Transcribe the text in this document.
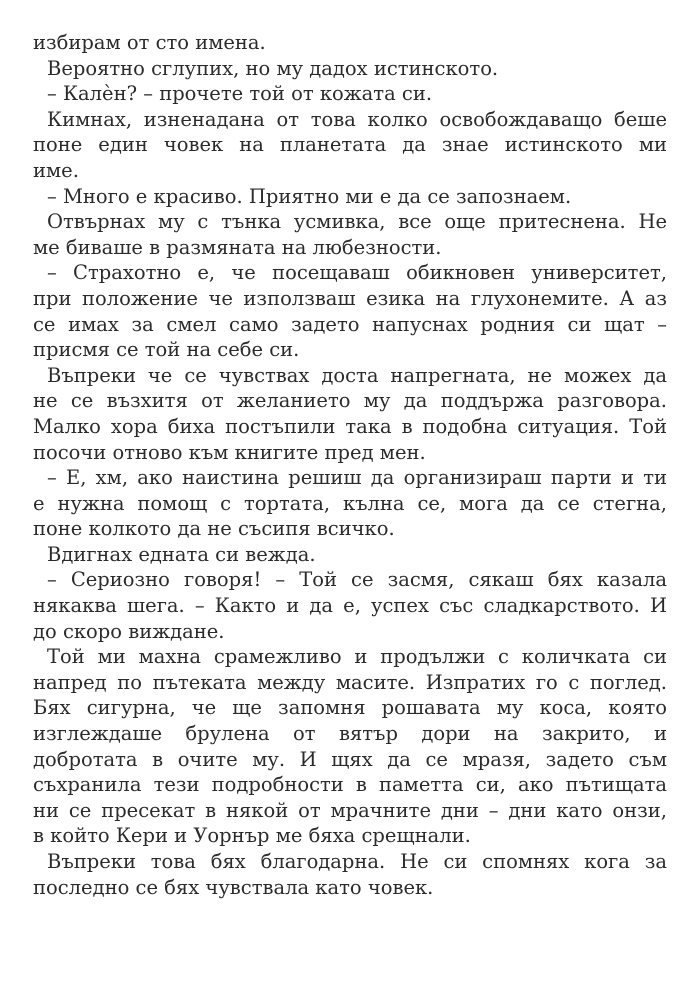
избирам от сто имена.
Вероятно сглупих, но му дадох истинското.
– Калѐн? – прочете той от кожата си.
Кимнах, изненадана от това колко освобождаващо беше
поне един човек на планетата да знае истинското ми
име.
– Много е красиво. Приятно ми е да се запознаем.
Отвърнах му с тънка усмивка, все още притеснена. Не
ме биваше в размяната на любезности.
– Страхотно е, че посещаваш обикновен университет,
при положение че използваш езика на глухонемите. А аз
се имах за смел само задето напуснах родния си щат –
присмя се той на себе си.
Въпреки че се чувствах доста напрегната, не можех да
не се възхитя от желанието му да поддържа разговора.
Малко хора биха постъпили така в подобна ситуация. Той
посочи отново към книгите пред мен.
– Е, хм, ако наистина решиш да организираш парти и ти
е нужна помощ с тортата, кълна се, мога да се стегна,
поне колкото да не съсипя всичко.
Вдигнах едната си вежда.
– Сериозно говоря! – Той се засмя, сякаш бях казала
някаква шега. – Както и да е, успех със сладкарството. И
до скоро виждане.
Той ми махна срамежливо и продължи с количката си
напред по пътеката между масите. Изпратих го с поглед.
Бях сигурна, че ще запомня рошавата му коса, която
изглеждаше брулена от вятър дори на закрито, и
добротата в очите му. И щях да се мразя, задето съм
съхранила тези подробности в паметта си, ако пътищата
ни се пресекат в някой от мрачните дни – дни като онзи,
в който Кери и Уорнър ме бяха срещнали.
Въпреки това бях благодарна. Не си спомнях кога за
последно се бях чувствала като човек.
